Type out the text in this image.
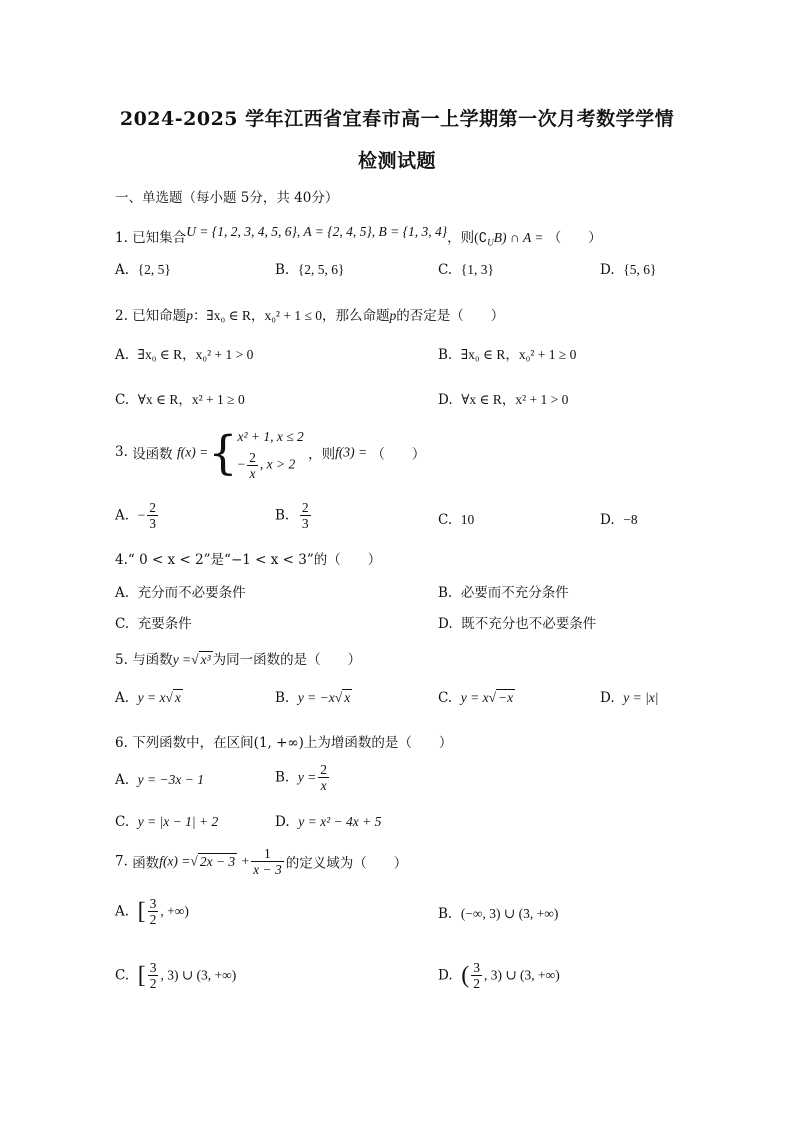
2024-2025 学年江西省宜春市高一上学期第一次月考数学学情
检测试题
一、单选题（每小题 5分，共 40分）
1. 已知集合U = {1, 2, 3, 4, 5, 6}, A = {2, 4, 5}, B = {1, 3, 4}，则$(∁_UB)$ ∩ A = （　　）
A. {2, 5}	B. {2, 5, 6}	C. {1, 3}	D. {5, 6}
2. 已知命题p：∃x₀ ∈ R，x₀² + 1 ≤ 0，那么命题p的否定是（　　）
A. ∃x₀ ∈ R，x₀² + 1 > 0	B. ∃x₀ ∈ R，x₀² + 1 ≥ 0
C. ∀x ∈ R，x² + 1 ≥ 0	D. ∀x ∈ R，x² + 1 > 0
3. 设函数 f(x) ={ x² + 1, x ≤ 2
− $\frac{2}{x}$ , x > 2
，则f(3) = （　　）
A. − $\frac{2}{3}$	B. $\frac{2}{3}$	C. 10	D. −8
4.“ 0 < x < 2”是“−1 < x < 3”的（　　）
A. 充分而不必要条件	B. 必要而不充分条件
C. 充要条件	D. 既不充分也不必要条件
5. 与函数y =√ x³ 为同一函数的是（　　）
A. y = x√ x	B. y = −x√ x	C. y = x√ −x	D. y = |x|
6. 下列函数中，在区间(1, +∞)上为增函数的是（　　）
A. y = −3x − 1	B. $y = \frac{2}{x}$
C. y = |x − 1| + 2	D. y = x² − 4x + 5
7. 函数f(x) =√ $2x - 3 + \frac{1}{x - 3}$ 的定义域为（　　）
A. [ $\frac{3}{2}$ , +∞)	B. (−∞, 3) ∪ (3, +∞)
C. [ $\frac{3}{2}$ , 3) ∪ (3, +∞)	D. ( $\frac{3}{2}$ , 3) ∪ (3, +∞)
